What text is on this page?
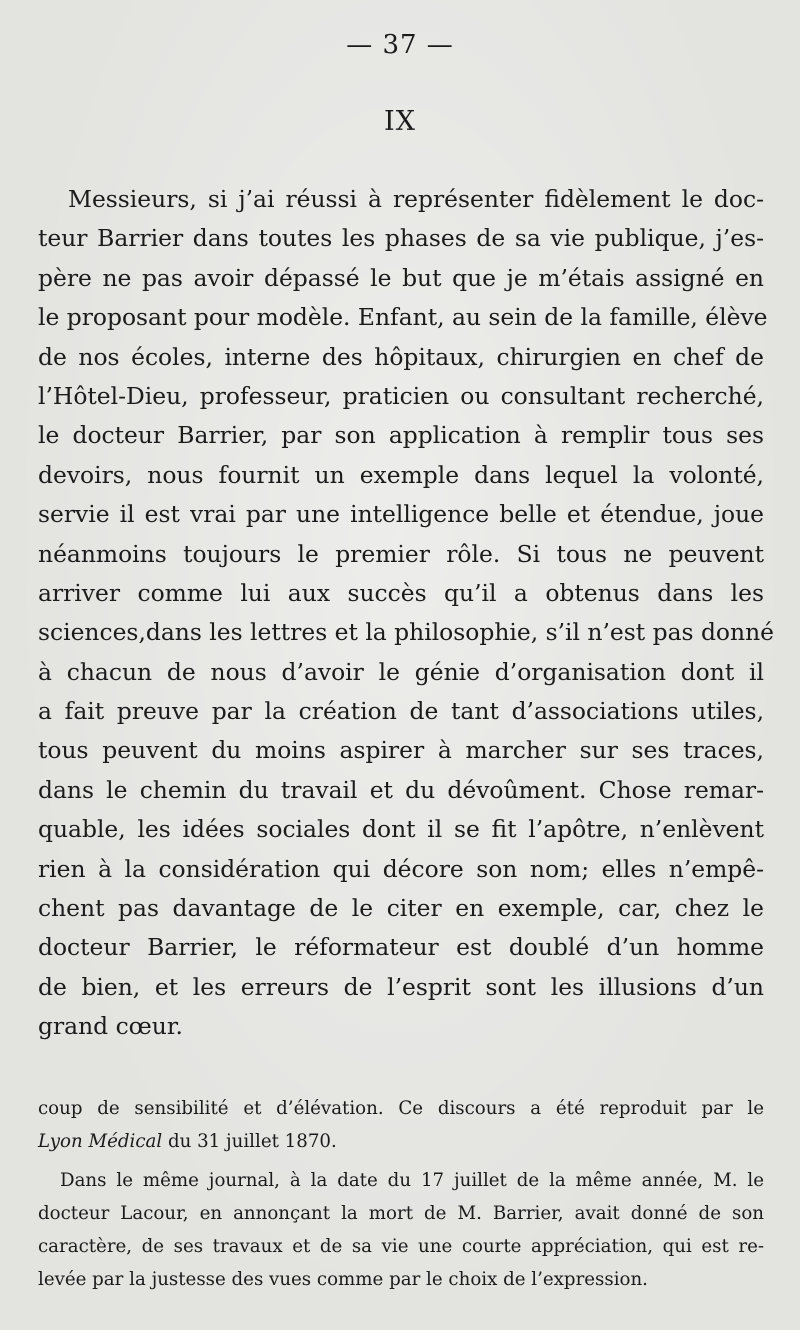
— 37 —
IX
Messieurs, si j’ai réussi à représenter fidèlement le doc-
teur Barrier dans toutes les phases de sa vie publique, j’es-
père ne pas avoir dépassé le but que je m’étais assigné en
le proposant pour modèle. Enfant, au sein de la famille, élève
de nos écoles, interne des hôpitaux, chirurgien en chef de
l’Hôtel-Dieu, professeur, praticien ou consultant recherché,
le docteur Barrier, par son application à remplir tous ses
devoirs, nous fournit un exemple dans lequel la volonté,
servie il est vrai par une intelligence belle et étendue, joue
néanmoins toujours le premier rôle. Si tous ne peuvent
arriver comme lui aux succès qu’il a obtenus dans les
sciences,dans les lettres et la philosophie, s’il n’est pas donné
à chacun de nous d’avoir le génie d’organisation dont il
a fait preuve par la création de tant d’associations utiles,
tous peuvent du moins aspirer à marcher sur ses traces,
dans le chemin du travail et du dévoûment. Chose remar-
quable, les idées sociales dont il se fit l’apôtre, n’enlèvent
rien à la considération qui décore son nom; elles n’empê-
chent pas davantage de le citer en exemple, car, chez le
docteur Barrier, le réformateur est doublé d’un homme
de bien, et les erreurs de l’esprit sont les illusions d’un
grand cœur.
coup de sensibilité et d’élévation. Ce discours a été reproduit par le
Lyon Médical du 31 juillet 1870.
Dans le même journal, à la date du 17 juillet de la même année, M. le
docteur Lacour, en annonçant la mort de M. Barrier, avait donné de son
caractère, de ses travaux et de sa vie une courte appréciation, qui est re-
levée par la justesse des vues comme par le choix de l’expression.
